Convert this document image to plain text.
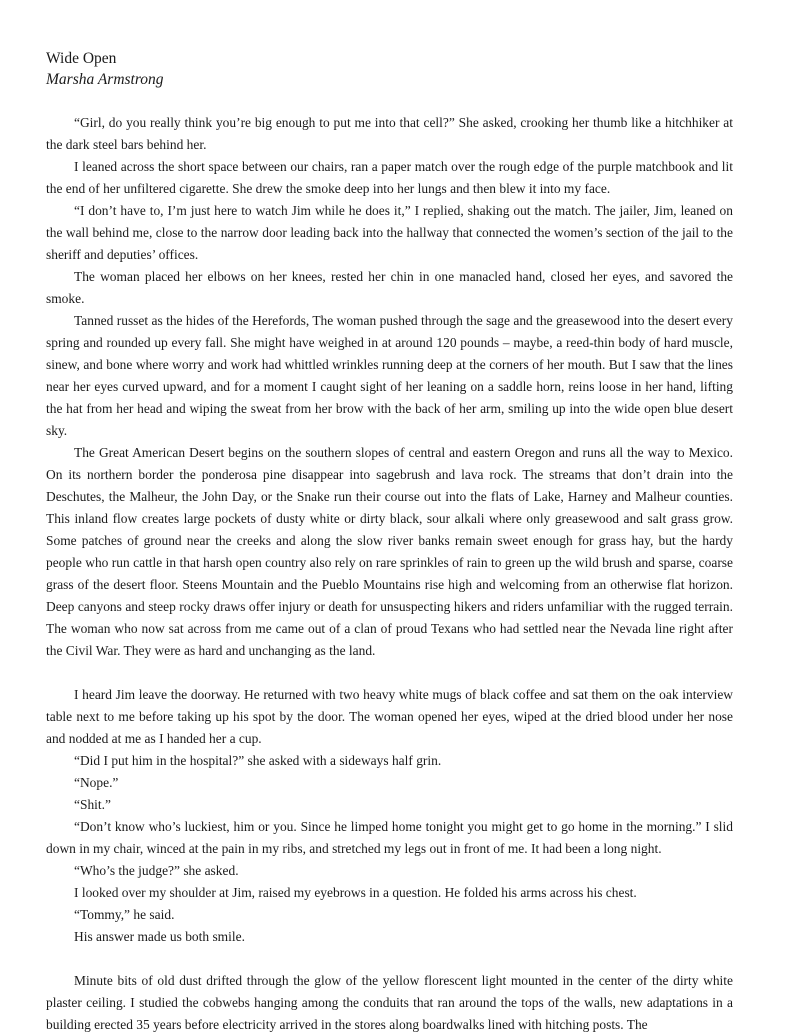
Wide Open

Marsha Armstrong

“Girl, do you really think you’re big enough to put me into that cell?” She asked, crooking her thumb like a hitchhiker at the dark steel bars behind her.

I leaned across the short space between our chairs, ran a paper match over the rough edge of the purple matchbook and lit the end of her unfiltered cigarette. She drew the smoke deep into her lungs and then blew it into my face.

“I don’t have to, I’m just here to watch Jim while he does it,” I replied, shaking out the match. The jailer, Jim, leaned on the wall behind me, close to the narrow door leading back into the hallway that connected the women’s section of the jail to the sheriff and deputies’ offices.

The woman placed her elbows on her knees, rested her chin in one manacled hand, closed her eyes, and savored the smoke.

Tanned russet as the hides of the Herefords, The woman pushed through the sage and the greasewood into the desert every spring and rounded up every fall. She might have weighed in at around 120 pounds – maybe, a reed-thin body of hard muscle, sinew, and bone where worry and work had whittled wrinkles running deep at the corners of her mouth. But I saw that the lines near her eyes curved upward, and for a moment I caught sight of her leaning on a saddle horn, reins loose in her hand, lifting the hat from her head and wiping the sweat from her brow with the back of her arm, smiling up into the wide open blue desert sky.

The Great American Desert begins on the southern slopes of central and eastern Oregon and runs all the way to Mexico. On its northern border the ponderosa pine disappear into sagebrush and lava rock. The streams that don’t drain into the Deschutes, the Malheur, the John Day, or the Snake run their course out into the flats of Lake, Harney and Malheur counties. This inland flow creates large pockets of dusty white or dirty black, sour alkali where only greasewood and salt grass grow. Some patches of ground near the creeks and along the slow river banks remain sweet enough for grass hay, but the hardy people who run cattle in that harsh open country also rely on rare sprinkles of rain to green up the wild brush and sparse, coarse grass of the desert floor. Steens Mountain and the Pueblo Mountains rise high and welcoming from an otherwise flat horizon. Deep canyons and steep rocky draws offer injury or death for unsuspecting hikers and riders unfamiliar with the rugged terrain. The woman who now sat across from me came out of a clan of proud Texans who had settled near the Nevada line right after the Civil War. They were as hard and unchanging as the land.

I heard Jim leave the doorway. He returned with two heavy white mugs of black coffee and sat them on the oak interview table next to me before taking up his spot by the door. The woman opened her eyes, wiped at the dried blood under her nose and nodded at me as I handed her a cup.

“Did I put him in the hospital?” she asked with a sideways half grin.

“Nope.”

“Shit.”

“Don’t know who’s luckiest, him or you. Since he limped home tonight you might get to go home in the morning.” I slid down in my chair, winced at the pain in my ribs, and stretched my legs out in front of me. It had been a long night.

“Who’s the judge?” she asked.

I looked over my shoulder at Jim, raised my eyebrows in a question. He folded his arms across his chest.

“Tommy,” he said.

His answer made us both smile.

Minute bits of old dust drifted through the glow of the yellow florescent light mounted in the center of the dirty white plaster ceiling. I studied the cobwebs hanging among the conduits that ran around the tops of the walls, new adaptations in a building erected 35 years before electricity arrived in the stores along boardwalks lined with hitching posts. The
